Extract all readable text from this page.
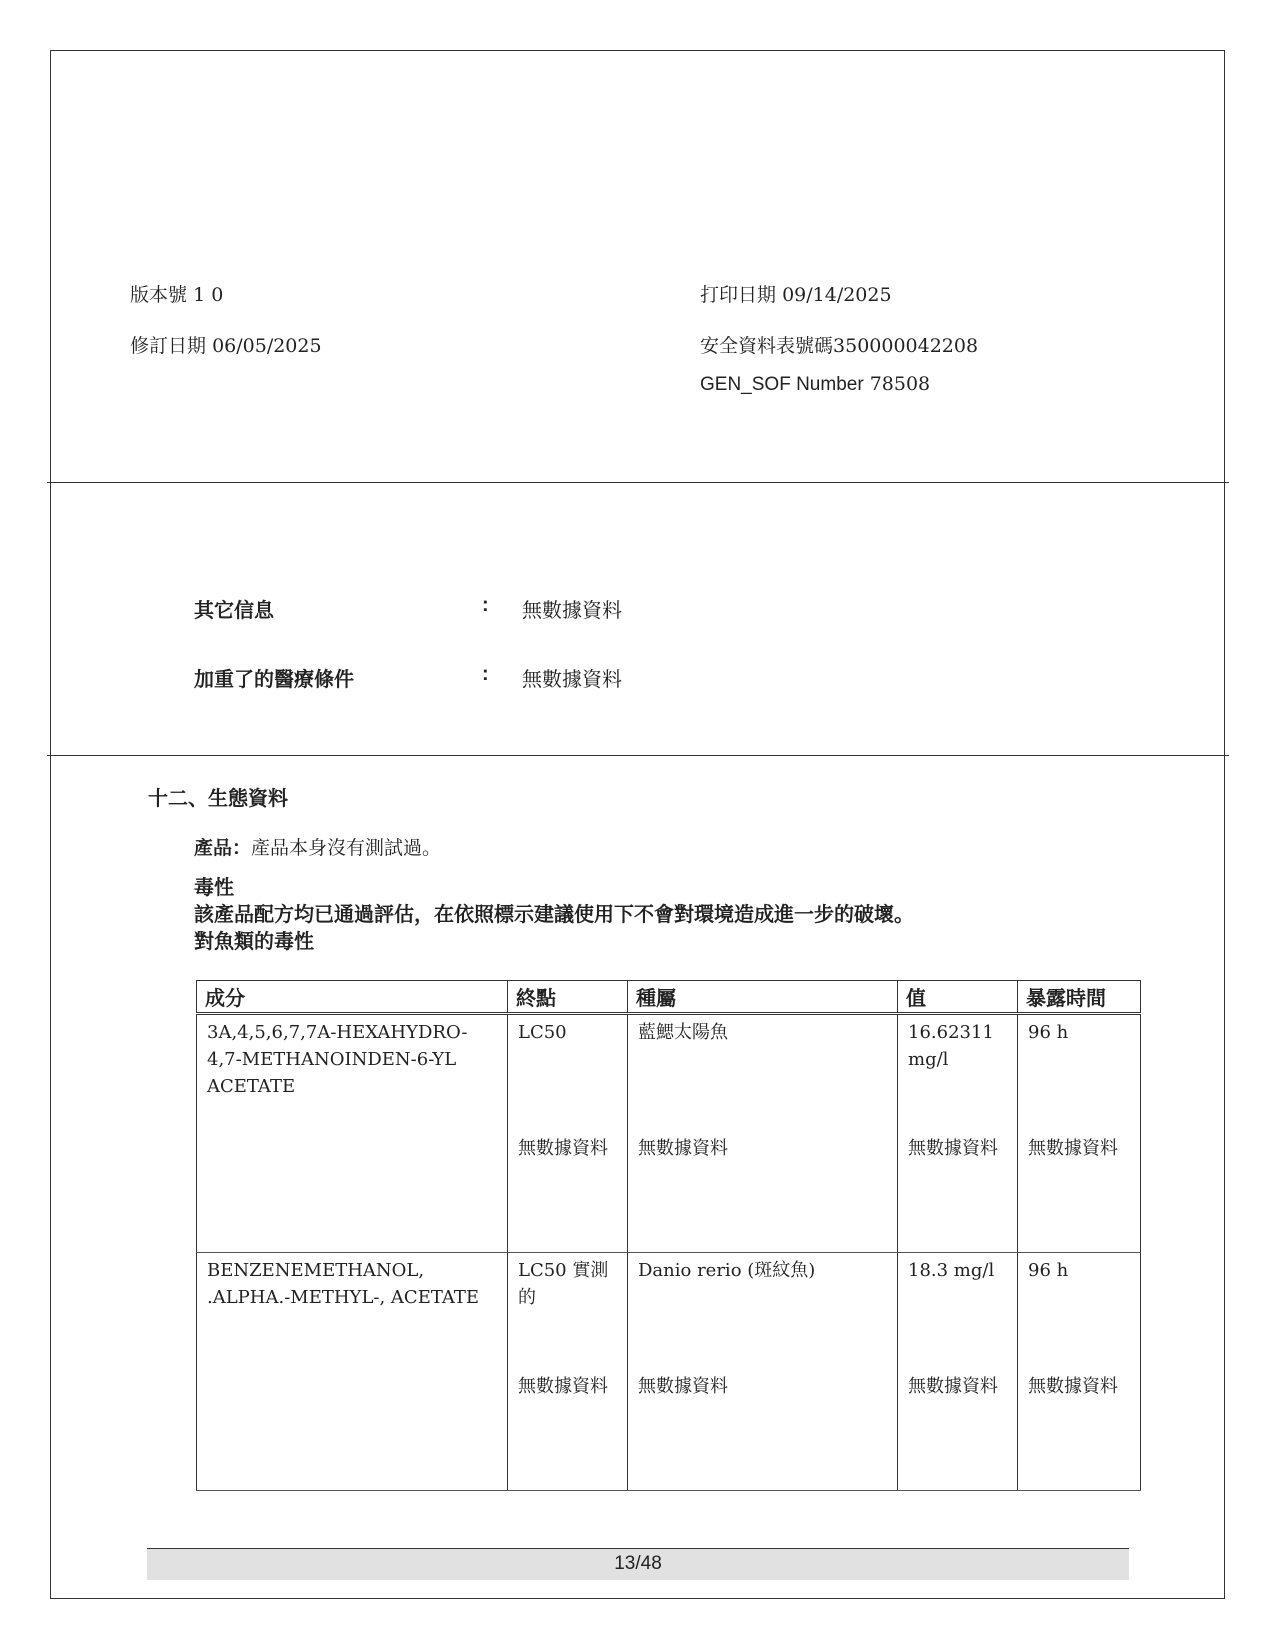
版本號 1 0
修訂日期 06/05/2025
打印日期 09/14/2025
安全資料表號碼350000042208
GEN_SOF Number 78508
其它信息	: 無數據資料
加重了的醫療條件	: 無數據資料
十二、生態資料
產品：產品本身沒有測試過。
毒性
該產品配方均已通過評估，在依照標示建議使用下不會對環境造成進一步的破壞。
對魚類的毒性
成分	終點	種屬	值	暴露時間
3A,4,5,6,7,7A-HEXAHYDRO-4,7-METHANOINDEN-6-YL ACETATE	LC50	藍鰓太陽魚	16.62311 mg/l	96 h
	無數據資料	無數據資料	無數據資料	無數據資料
BENZENEMETHANOL, .ALPHA.-METHYL-, ACETATE	LC50 實測的	Danio rerio (斑紋魚)	18.3 mg/l	96 h
	無數據資料	無數據資料	無數據資料	無數據資料
13/48
